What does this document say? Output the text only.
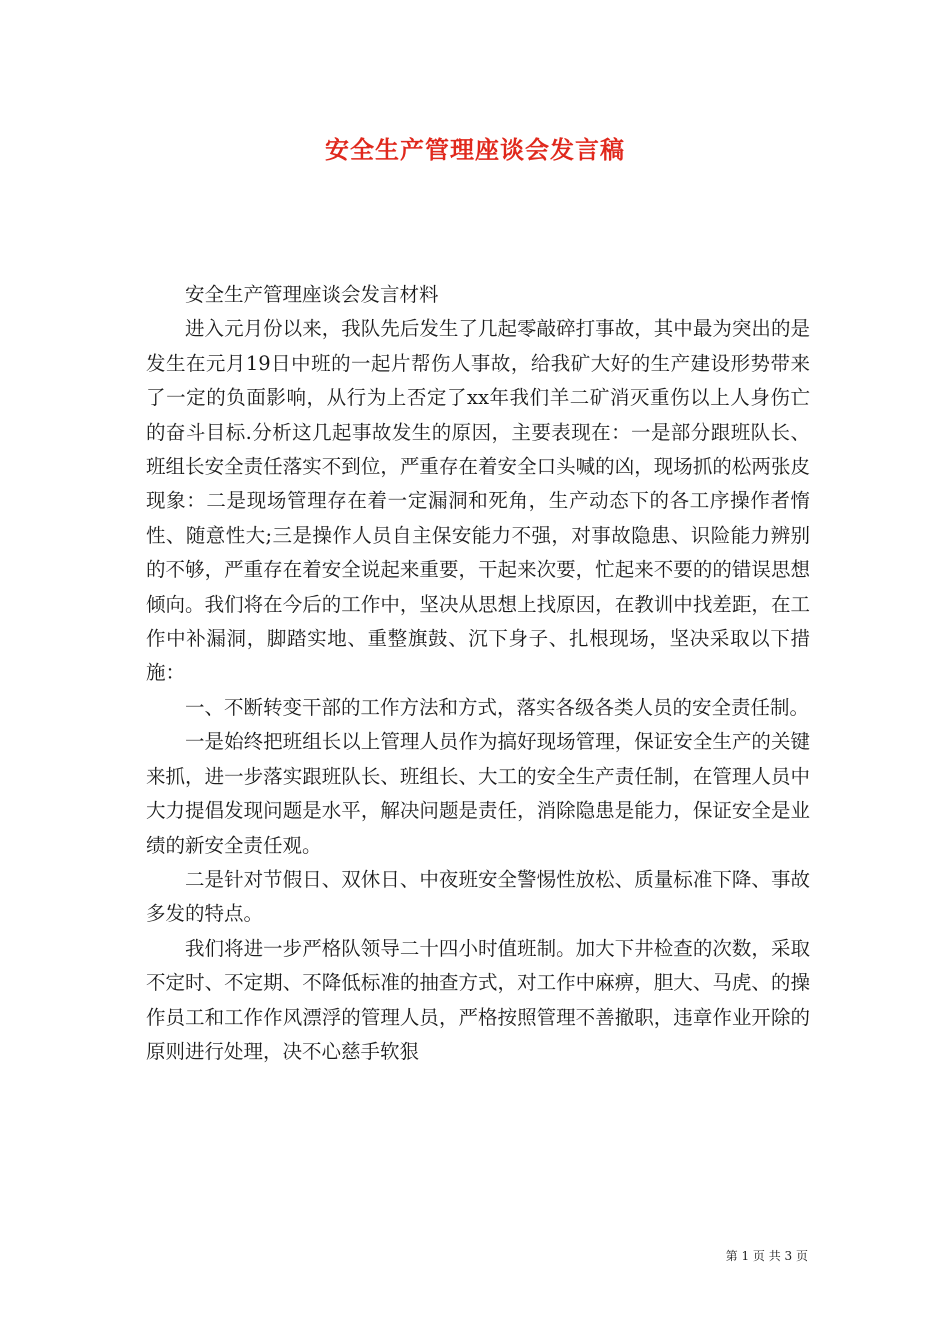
安全生产管理座谈会发言稿

安全生产管理座谈会发言材料

进入元月份以来，我队先后发生了几起零敲碎打事故，其中最为突出的是发生在元月19日中班的一起片帮伤人事故，给我矿大好的生产建设形势带来了一定的负面影响，从行为上否定了xx年我们羊二矿消灭重伤以上人身伤亡的奋斗目标.分析这几起事故发生的原因，主要表现在：一是部分跟班队长、班组长安全责任落实不到位，严重存在着安全口头喊的凶，现场抓的松两张皮现象：二是现场管理存在着一定漏洞和死角，生产动态下的各工序操作者惰性、随意性大;三是操作人员自主保安能力不强，对事故隐患、识险能力辨别的不够，严重存在着安全说起来重要，干起来次要，忙起来不要的的错误思想倾向。我们将在今后的工作中，坚决从思想上找原因，在教训中找差距，在工作中补漏洞，脚踏实地、重整旗鼓、沉下身子、扎根现场，坚决采取以下措施：

一、不断转变干部的工作方法和方式，落实各级各类人员的安全责任制。

一是始终把班组长以上管理人员作为搞好现场管理，保证安全生产的关键来抓，进一步落实跟班队长、班组长、大工的安全生产责任制，在管理人员中大力提倡发现问题是水平，解决问题是责任，消除隐患是能力，保证安全是业绩的新安全责任观。

二是针对节假日、双休日、中夜班安全警惕性放松、质量标准下降、事故多发的特点。

我们将进一步严格队领导二十四小时值班制。加大下井检查的次数，采取不定时、不定期、不降低标准的抽查方式，对工作中麻痹，胆大、马虎、的操作员工和工作作风漂浮的管理人员，严格按照管理不善撤职，违章作业开除的原则进行处理，决不心慈手软狠

第 1 页 共 3 页
